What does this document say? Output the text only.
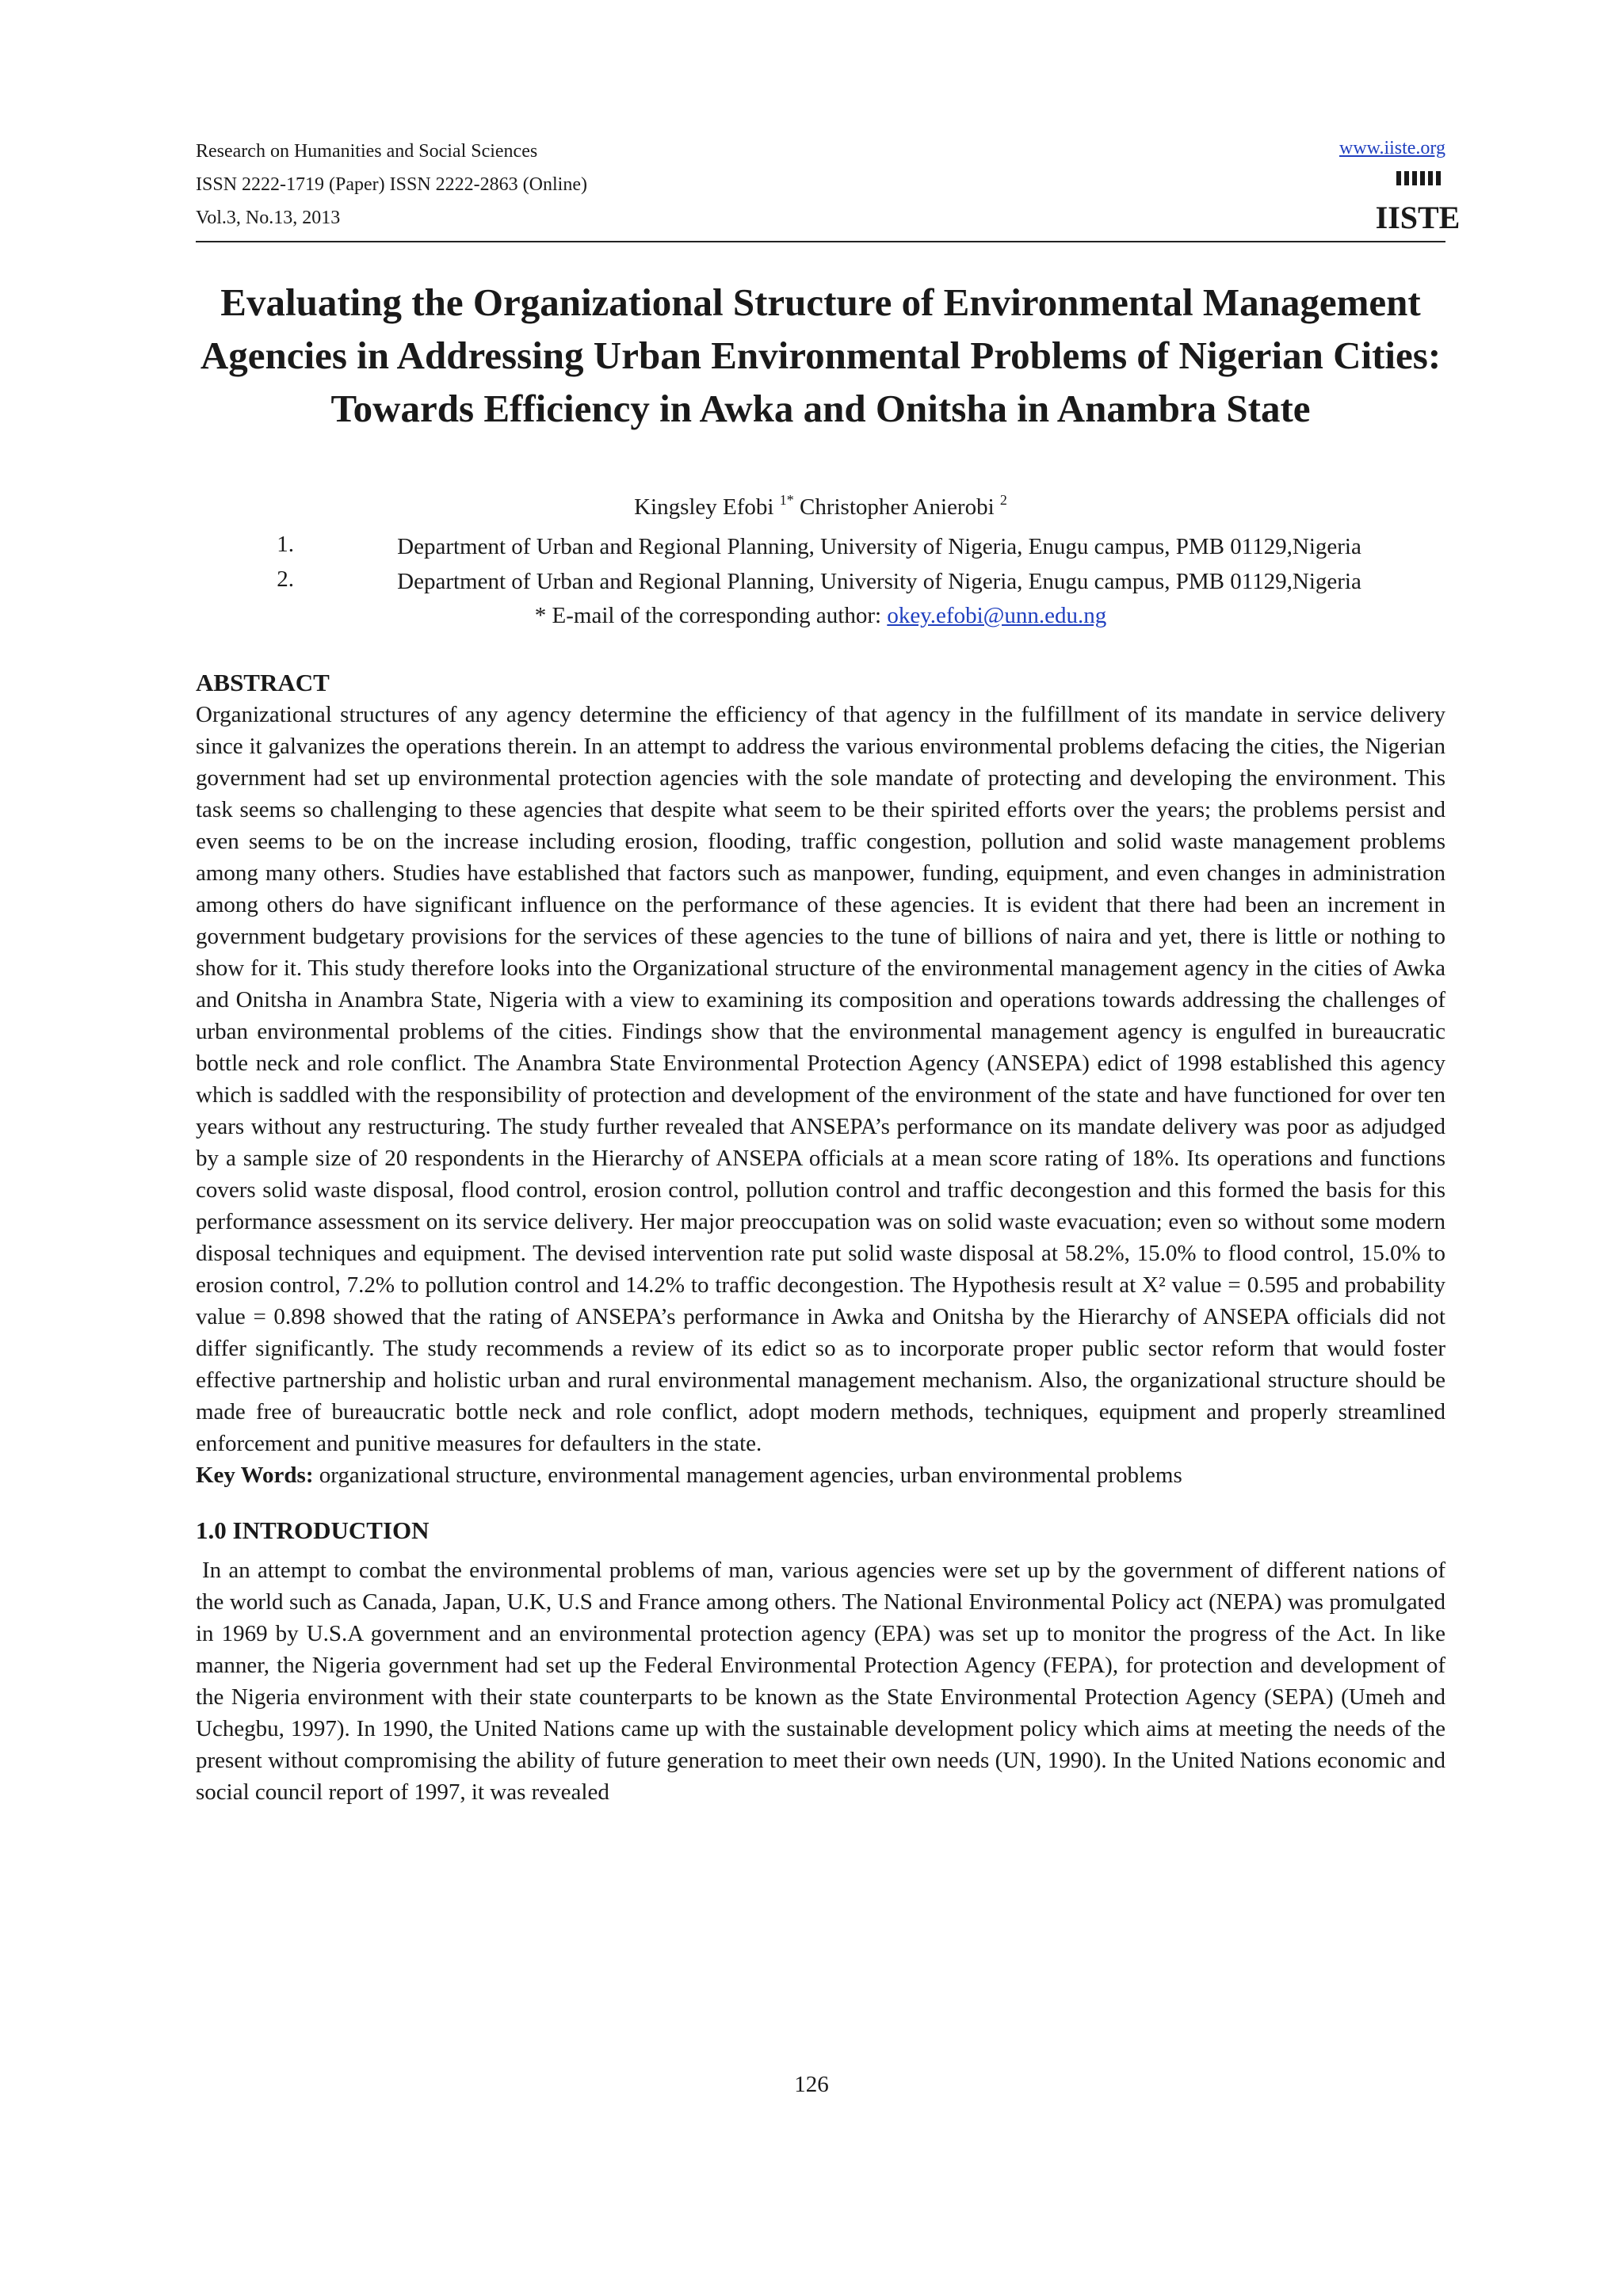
Research on Humanities and Social Sciences
ISSN 2222-1719 (Paper) ISSN 2222-2863 (Online)
Vol.3, No.13, 2013
www.iiste.org
IISTE
Evaluating the Organizational Structure of Environmental Management Agencies in Addressing Urban Environmental Problems of Nigerian Cities: Towards Efficiency in Awka and Onitsha in Anambra State
Kingsley Efobi $^{1*}$ Christopher Anierobi $^2$
1.	Department of Urban and Regional Planning, University of Nigeria, Enugu campus, PMB 01129,Nigeria
2.	Department of Urban and Regional Planning, University of Nigeria, Enugu campus, PMB 01129,Nigeria
* E-mail of the corresponding author: okey.efobi@unn.edu.ng
ABSTRACT
Organizational structures of any agency determine the efficiency of that agency in the fulfillment of its mandate in service delivery since it galvanizes the operations therein. In an attempt to address the various environmental problems defacing the cities, the Nigerian government had set up environmental protection agencies with the sole mandate of protecting and developing the environment. This task seems so challenging to these agencies that despite what seem to be their spirited efforts over the years; the problems persist and even seems to be on the increase including erosion, flooding, traffic congestion, pollution and solid waste management problems among many others. Studies have established that factors such as manpower, funding, equipment, and even changes in administration among others do have significant influence on the performance of these agencies. It is evident that there had been an increment in government budgetary provisions for the services of these agencies to the tune of billions of naira and yet, there is little or nothing to show for it. This study therefore looks into the Organizational structure of the environmental management agency in the cities of Awka and Onitsha in Anambra State, Nigeria with a view to examining its composition and operations towards addressing the challenges of urban environmental problems of the cities. Findings show that the environmental management agency is engulfed in bureaucratic bottle neck and role conflict. The Anambra State Environmental Protection Agency (ANSEPA) edict of 1998 established this agency which is saddled with the responsibility of protection and development of the environment of the state and have functioned for over ten years without any restructuring. The study further revealed that ANSEPA’s performance on its mandate delivery was poor as adjudged by a sample size of 20 respondents in the Hierarchy of ANSEPA officials at a mean score rating of 18%. Its operations and functions covers solid waste disposal, flood control, erosion control, pollution control and traffic decongestion and this formed the basis for this performance assessment on its service delivery. Her major preoccupation was on solid waste evacuation; even so without some modern disposal techniques and equipment. The devised intervention rate put solid waste disposal at 58.2%, 15.0% to flood control, 15.0% to erosion control, 7.2% to pollution control and 14.2% to traffic decongestion. The Hypothesis result at X² value = 0.595 and probability value = 0.898 showed that the rating of ANSEPA’s performance in Awka and Onitsha by the Hierarchy of ANSEPA officials did not differ significantly. The study recommends a review of its edict so as to incorporate proper public sector reform that would foster effective partnership and holistic urban and rural environmental management mechanism. Also, the organizational structure should be made free of bureaucratic bottle neck and role conflict, adopt modern methods, techniques, equipment and properly streamlined enforcement and punitive measures for defaulters in the state.
Key Words: organizational structure, environmental management agencies, urban environmental problems
1.0 INTRODUCTION
In an attempt to combat the environmental problems of man, various agencies were set up by the government of different nations of the world such as Canada, Japan, U.K, U.S and France among others. The National Environmental Policy act (NEPA) was promulgated in 1969 by U.S.A government and an environmental protection agency (EPA) was set up to monitor the progress of the Act. In like manner, the Nigeria government had set up the Federal Environmental Protection Agency (FEPA), for protection and development of the Nigeria environment with their state counterparts to be known as the State Environmental Protection Agency (SEPA) (Umeh and Uchegbu, 1997). In 1990, the United Nations came up with the sustainable development policy which aims at meeting the needs of the present without compromising the ability of future generation to meet their own needs (UN, 1990). In the United Nations economic and social council report of 1997, it was revealed
126
